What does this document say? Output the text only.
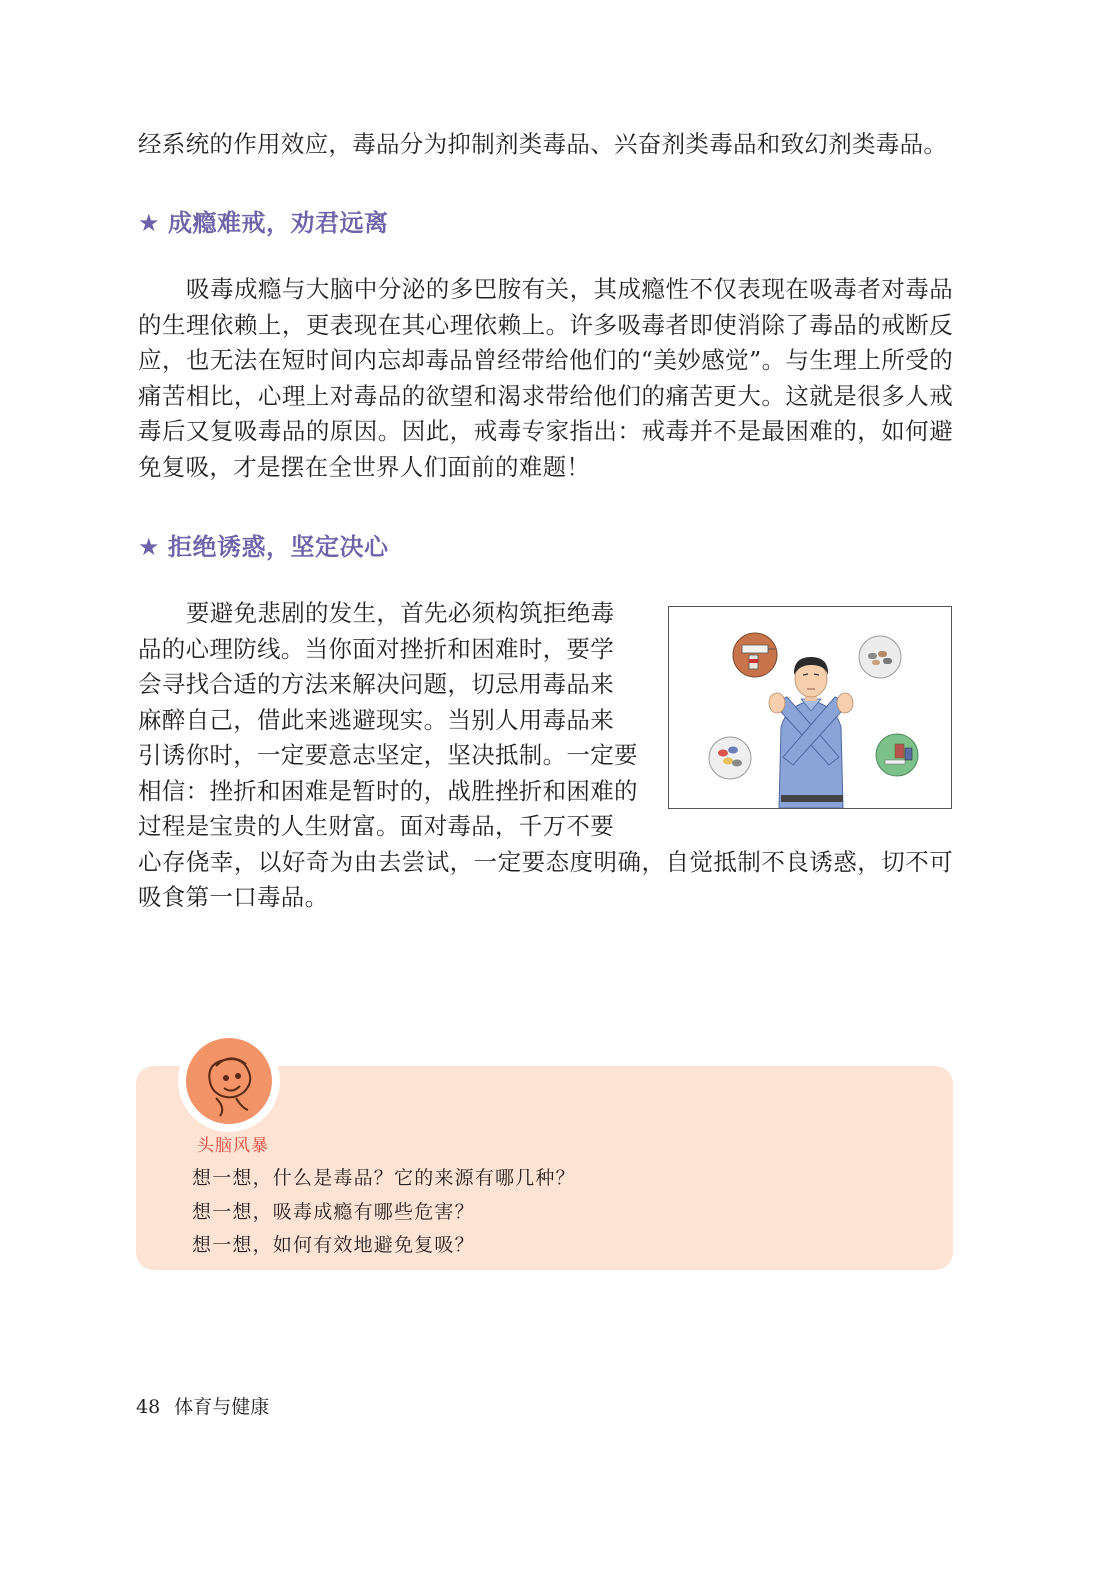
经系统的作用效应，毒品分为抑制剂类毒品、兴奋剂类毒品和致幻剂类毒品。

★ 成瘾难戒，劝君远离

吸毒成瘾与大脑中分泌的多巴胺有关，其成瘾性不仅表现在吸毒者对毒品的生理依赖上，更表现在其心理依赖上。许多吸毒者即使消除了毒品的戒断反应，也无法在短时间内忘却毒品曾经带给他们的“美妙感觉”。与生理上所受的痛苦相比，心理上对毒品的欲望和渴求带给他们的痛苦更大。这就是很多人戒毒后又复吸毒品的原因。因此，戒毒专家指出：戒毒并不是最困难的，如何避免复吸，才是摆在全世界人们面前的难题！

★ 拒绝诱惑，坚定决心

要避免悲剧的发生，首先必须构筑拒绝毒

品的心理防线。当你面对挫折和困难时，要学

会寻找合适的方法来解决问题，切忌用毒品来

麻醉自己，借此来逃避现实。当别人用毒品来

引诱你时，一定要意志坚定，坚决抵制。一定要

相信：挫折和困难是暂时的，战胜挫折和困难的

过程是宝贵的人生财富。面对毒品，千万不要

心存侥幸，以好奇为由去尝试，一定要态度明确，自觉抵制不良诱惑，切不可吸食第一口毒品。

头脑风暴

想一想，什么是毒品？它的来源有哪几种？

想一想，吸毒成瘾有哪些危害？

想一想，如何有效地避免复吸？

48 体育与健康
